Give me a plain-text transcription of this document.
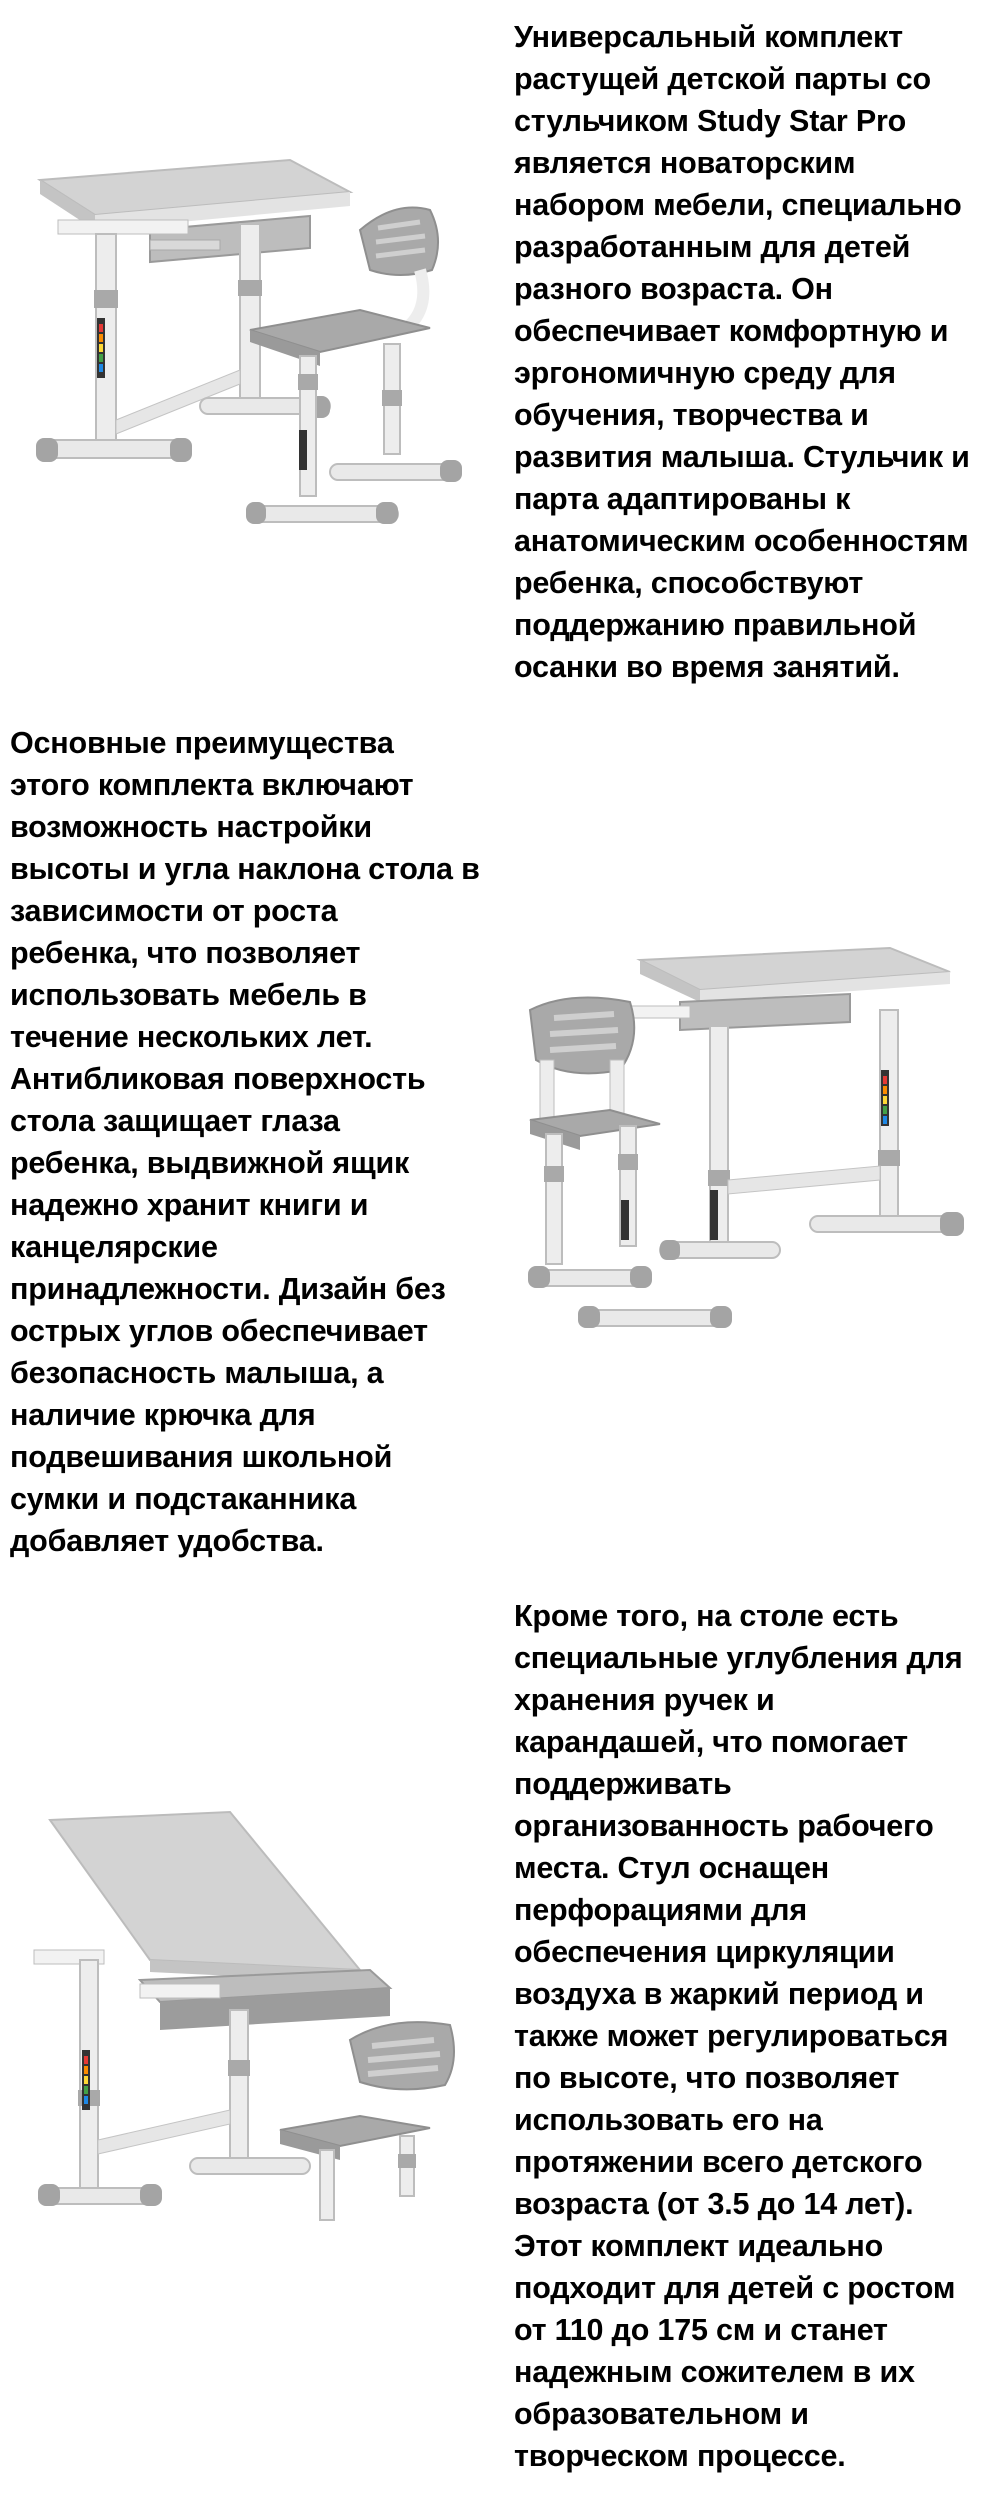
Универсальный комплект
растущей детской парты со
стульчиком Study Star Pro
является новаторским
набором мебели, специально
разработанным для детей
разного возраста. Он
обеспечивает комфортную и
эргономичную среду для
обучения, творчества и
развития малыша. Стульчик и
парта адаптированы к
анатомическим особенностям
ребенка, способствуют
поддержанию правильной
осанки во время занятий.
Основные преимущества
этого комплекта включают
возможность настройки
высоты и угла наклона стола в
зависимости от роста
ребенка, что позволяет
использовать мебель в
течение нескольких лет.
Антибликовая поверхность
стола защищает глаза
ребенка, выдвижной ящик
надежно хранит книги и
канцелярские
принадлежности. Дизайн без
острых углов обеспечивает
безопасность малыша, а
наличие крючка для
подвешивания школьной
сумки и подстаканника
добавляет удобства.
Кроме того, на столе есть
специальные углубления для
хранения ручек и
карандашей, что помогает
поддерживать
организованность рабочего
места. Стул оснащен
перфорациями для
обеспечения циркуляции
воздуха в жаркий период и
также может регулироваться
по высоте, что позволяет
использовать его на
протяжении всего детского
возраста (от 3.5 до 14 лет).
Этот комплект идеально
подходит для детей с ростом
от 110 до 175 см и станет
надежным сожителем в их
образовательном и
творческом процессе.
